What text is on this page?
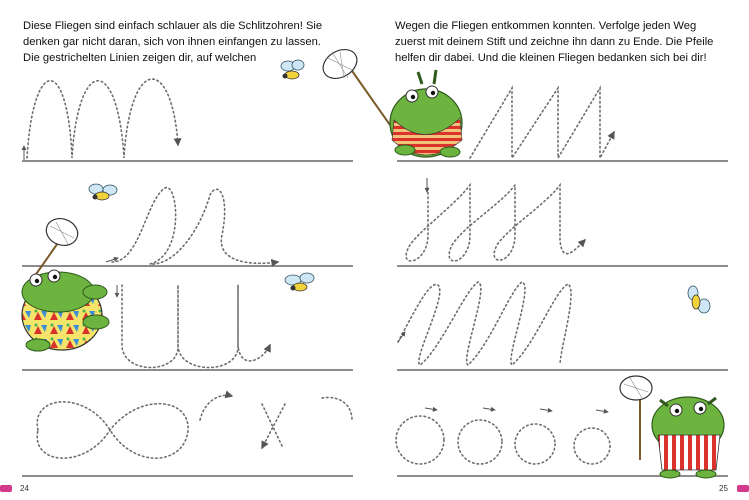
Diese Fliegen sind einfach schlauer als die Schlitzohren! Sie
denken gar nicht daran, sich von ihnen einfangen zu lassen.
Die gestrichelten Linien zeigen dir, auf welchen

24

Wegen die Fliegen entkommen konnten. Verfolge jeden Weg
zuerst mit deinem Stift und zeichne ihn dann zu Ende. Die Pfeile
helfen dir dabei. Und die kleinen Fliegen bedanken sich bei dir!

25
